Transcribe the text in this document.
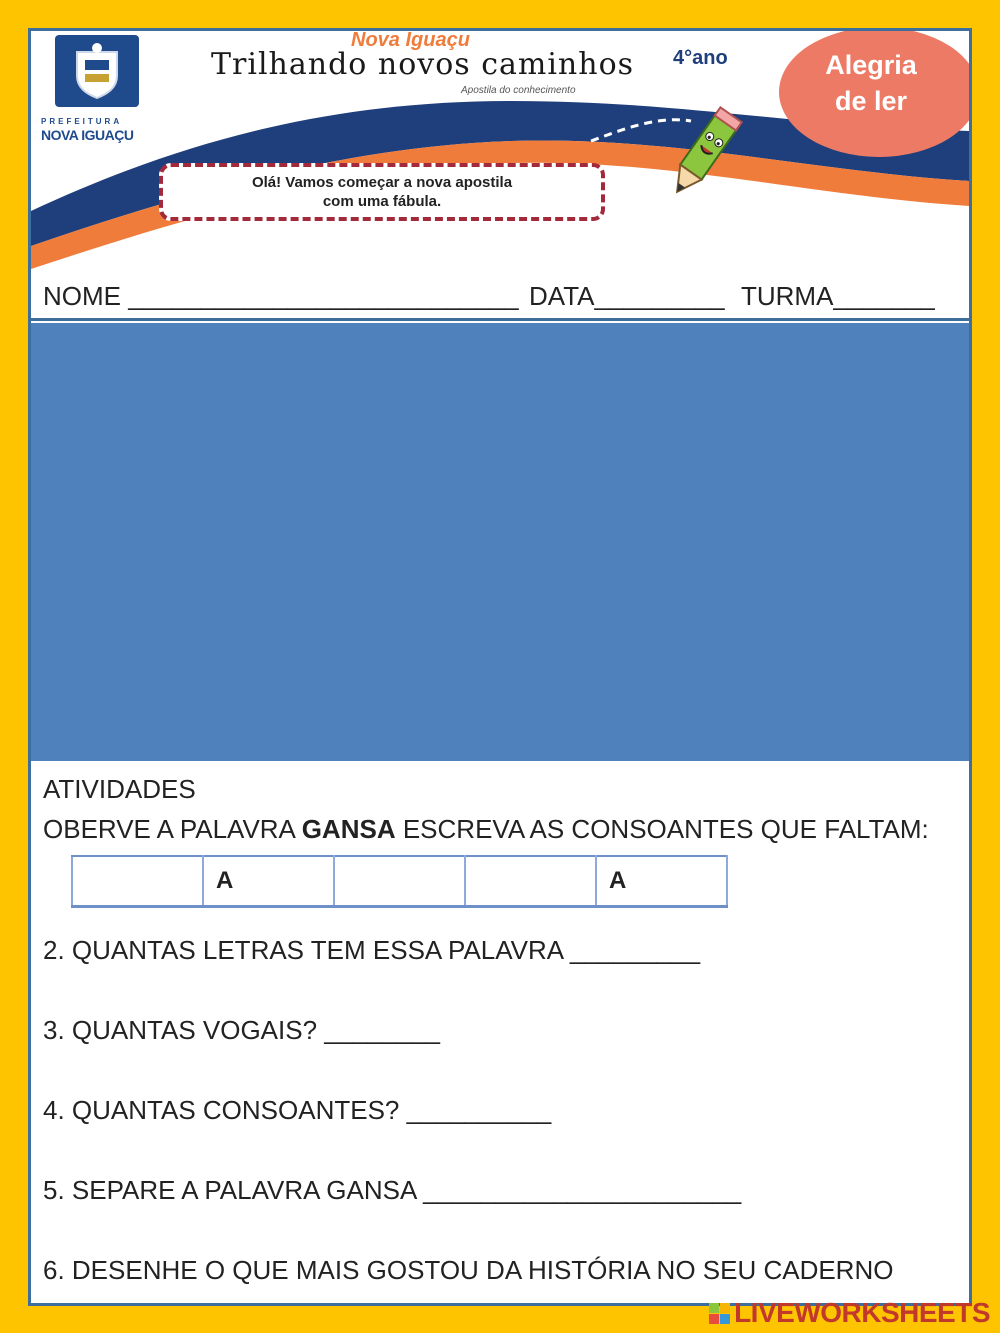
PREFEITURA
NOVA IGUAÇU
Nova Iguaçu
Trilhando novos caminhos
Apostila do conhecimento
4°ano	Alegria
de ler
Olá! Vamos começar a nova apostila
com uma fábula.
NOME ___________________________ DATA_________ TURMA_______
ATIVIDADES
OBERVE A PALAVRA GANSA ESCREVA AS CONSOANTES QUE FALTAM:
	A			A
2. QUANTAS LETRAS TEM ESSA PALAVRA _________
3. QUANTAS VOGAIS? ________
4. QUANTAS CONSOANTES? __________
5. SEPARE A PALAVRA GANSA ______________________
6. DESENHE O QUE MAIS GOSTOU DA HISTÓRIA NO SEU CADERNO
LIVEWORKSHEETS
